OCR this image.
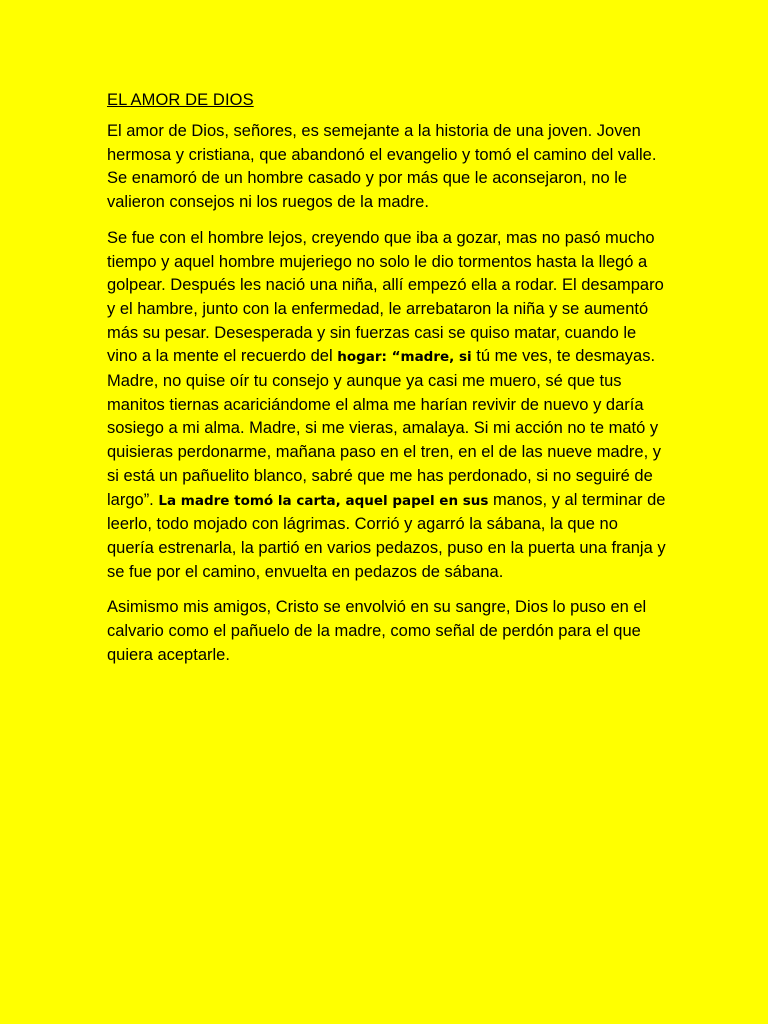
EL AMOR DE DIOS

El amor de Dios, señores, es semejante a la historia de una joven. Joven hermosa y cristiana, que abandonó el evangelio y tomó el camino del valle. Se enamoró de un hombre casado y por más que le aconsejaron, no le valieron consejos ni los ruegos de la madre.

Se fue con el hombre lejos, creyendo que iba a gozar, mas no pasó mucho tiempo y aquel hombre mujeriego no solo le dio tormentos hasta la llegó a golpear. Después les nació una niña, allí empezó ella a rodar. El desamparo y el hambre, junto con la enfermedad, le arrebataron la niña y se aumentó más su pesar. Desesperada y sin fuerzas casi se quiso matar, cuando le vino a la mente el recuerdo del hogar: “madre, si tú me ves, te desmayas. Madre, no quise oír tu consejo y aunque ya casi me muero, sé que tus manitos tiernas acariciándome el alma me harían revivir de nuevo y daría sosiego a mi alma. Madre, si me vieras, amalaya. Si mi acción no te mató y quisieras perdonarme, mañana paso en el tren, en el de las nueve madre, y si está un pañuelito blanco, sabré que me has perdonado, si no seguiré de largo”. La madre tomó la carta, aquel papel en sus manos, y al terminar de leerlo, todo mojado con lágrimas. Corrió y agarró la sábana, la que no quería estrenarla, la partió en varios pedazos, puso en la puerta una franja y se fue por el camino, envuelta en pedazos de sábana.

Asimismo mis amigos, Cristo se envolvió en su sangre, Dios lo puso en el calvario como el pañuelo de la madre, como señal de perdón para el que quiera aceptarle.
